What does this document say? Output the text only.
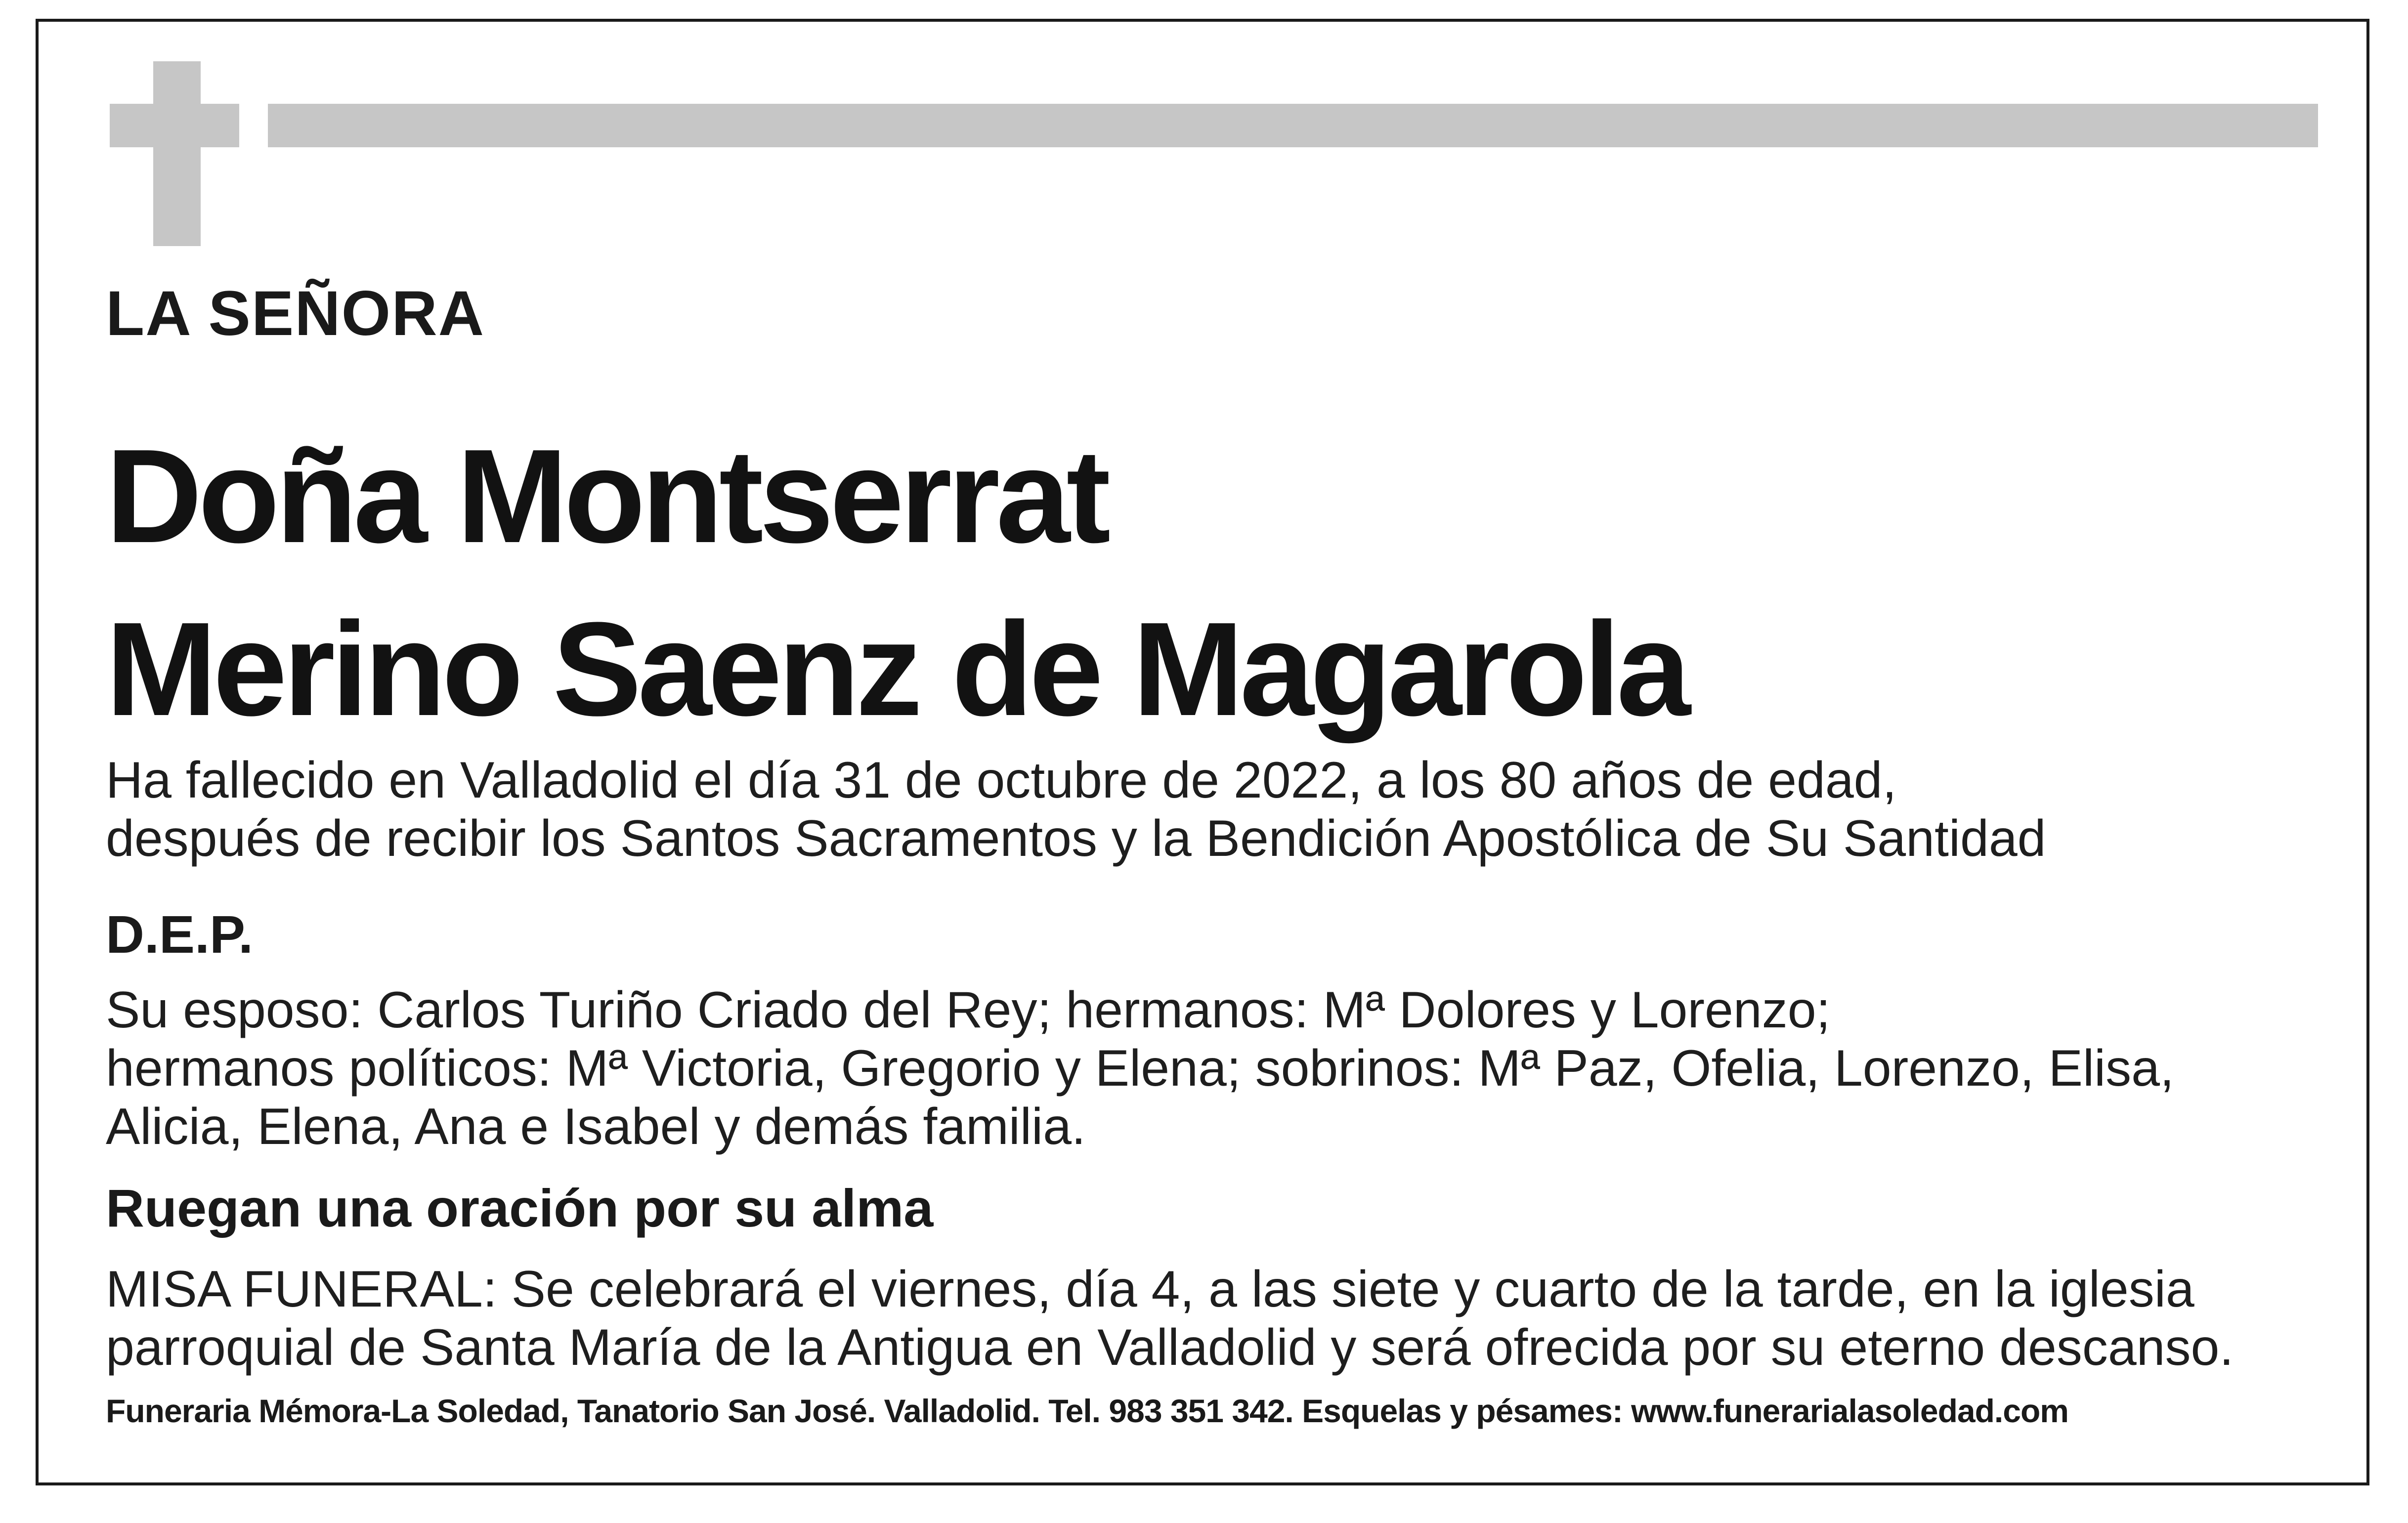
LA SEÑORA

Doña Montserrat
Merino Saenz de Magarola

Ha fallecido en Valladolid el día 31 de octubre de 2022, a los 80 años de edad,
después de recibir los Santos Sacramentos y la Bendición Apostólica de Su Santidad

D.E.P.

Su esposo: Carlos Turiño Criado del Rey; hermanos: Mª Dolores y Lorenzo;
hermanos políticos: Mª Victoria, Gregorio y Elena; sobrinos: Mª Paz, Ofelia, Lorenzo, Elisa,
Alicia, Elena, Ana e Isabel y demás familia.

Ruegan una oración por su alma

MISA FUNERAL: Se celebrará el viernes, día 4, a las siete y cuarto de la tarde, en la iglesia
parroquial de Santa María de la Antigua en Valladolid y será ofrecida por su eterno descanso.

Funeraria Mémora-La Soledad, Tanatorio San José. Valladolid. Tel. 983 351 342. Esquelas y pésames: www.funerarialasoledad.com
